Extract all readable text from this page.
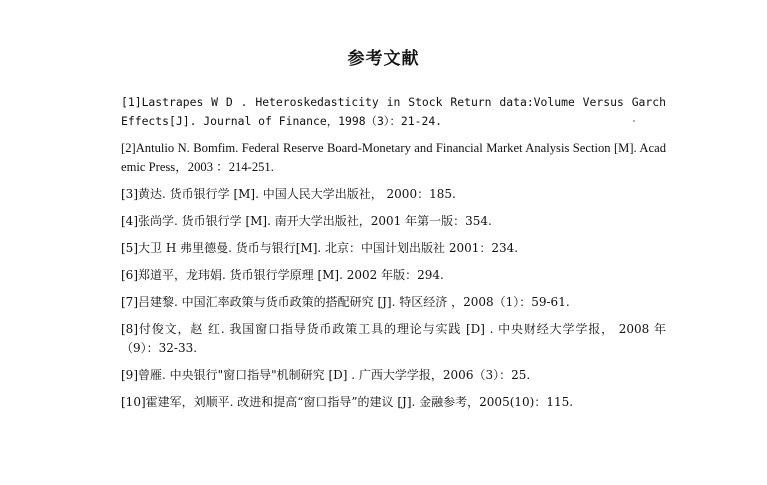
参考文献
[1]Lastrapes W D . Heteroskedasticity in Stock Return data:Volume Versus Garch Effects[J]. Journal of Finance，1998（3）：21-24.
[2]Antulio N. Bomfim. Federal Reserve Board-Monetary and Financial Market Analysis Section [M]. Academic Press，2003 ：214-251.
[3]黄达. 货币银行学 [M]. 中国人民大学出版社， 2000：185.
[4]张尚学. 货币银行学 [M]. 南开大学出版社，2001 年第一版：354.
[5]大卫 H 弗里德曼. 货币与银行[M]. 北京：中国计划出版社 2001：234.
[6]郑道平，龙玮娟. 货币银行学原理 [M]. 2002 年版：294.
[7]吕建黎. 中国汇率政策与货币政策的搭配研究 [J]. 特区经济 ，2008（1）：59-61.
[8]付俊文，赵 红. 我国窗口指导货币政策工具的理论与实践 [D] . 中央财经大学学报， 2008 年（9）：32-33.
[9]曾雁. 中央银行"窗口指导"机制研究 [D] . 广西大学学报，2006（3）：25.
[10]霍建军，刘顺平. 改进和提高“窗口指导”的建议 [J]. 金融参考，2005(10)：115.
